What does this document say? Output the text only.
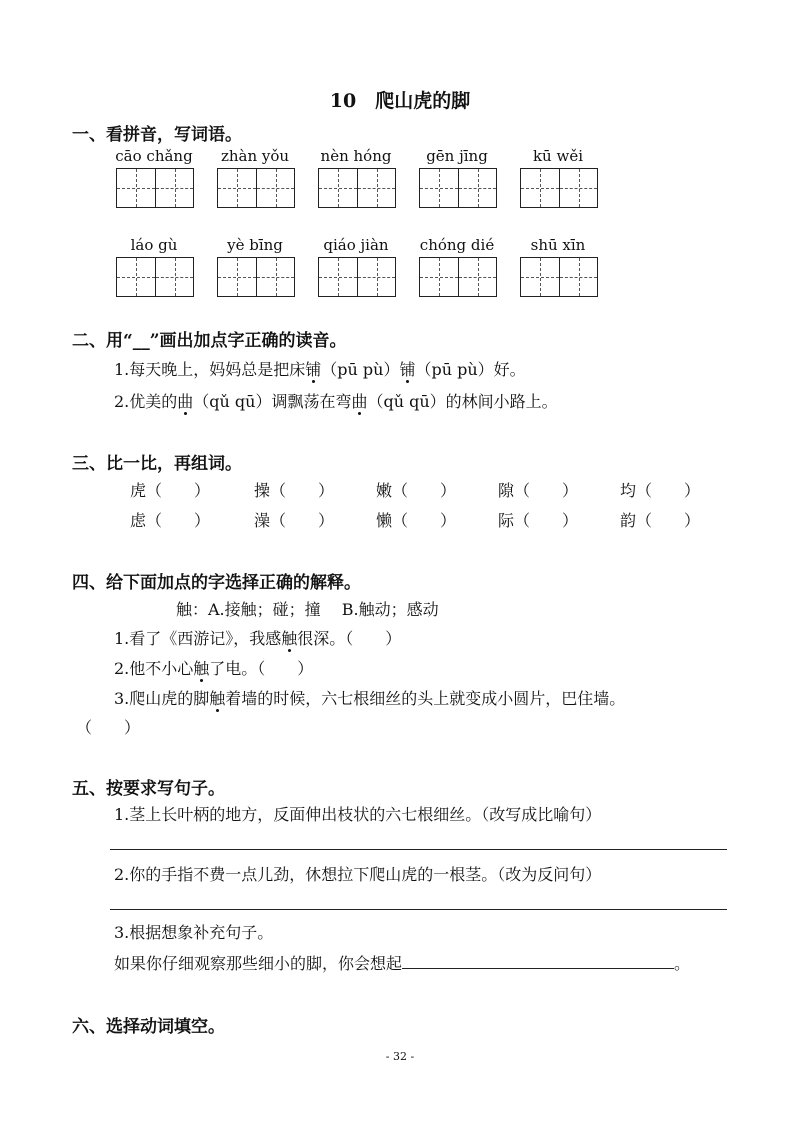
10　爬山虎的脚
一、看拼音，写词语。
cāo chǎng	zhàn yǒu	nèn hóng	gēn jīng	kū wěi
láo gù	yè bīng	qiáo jiàn	chóng dié	shū xīn
二、用“__”画出加点字正确的读音。
1.每天晚上，妈妈总是把床铺（pū pù）铺（pū pù）好。
2.优美的曲（qǔ qū）调飘荡在弯曲（qǔ qū）的林间小路上。
三、比一比，再组词。
虎（　　）	操（　　）	嫩（　　）	隙（　　）	均（　　）
虑（　　）	澡（　　）	懒（　　）	际（　　）	韵（　　）
四、给下面加点的字选择正确的解释。
触：A.接触；碰；撞　 B.触动；感动
1.看了《西游记》，我感触很深。（　　）
2.他不小心触了电。（　　）
3.爬山虎的脚触着墙的时候，六七根细丝的头上就变成小圆片，巴住墙。
（　　）
五、按要求写句子。
1.茎上长叶柄的地方，反面伸出枝状的六七根细丝。（改写成比喻句）
2.你的手指不费一点儿劲，休想拉下爬山虎的一根茎。（改为反问句）
3.根据想象补充句子。
如果你仔细观察那些细小的脚，你会想起	。
六、选择动词填空。
- 32 -
